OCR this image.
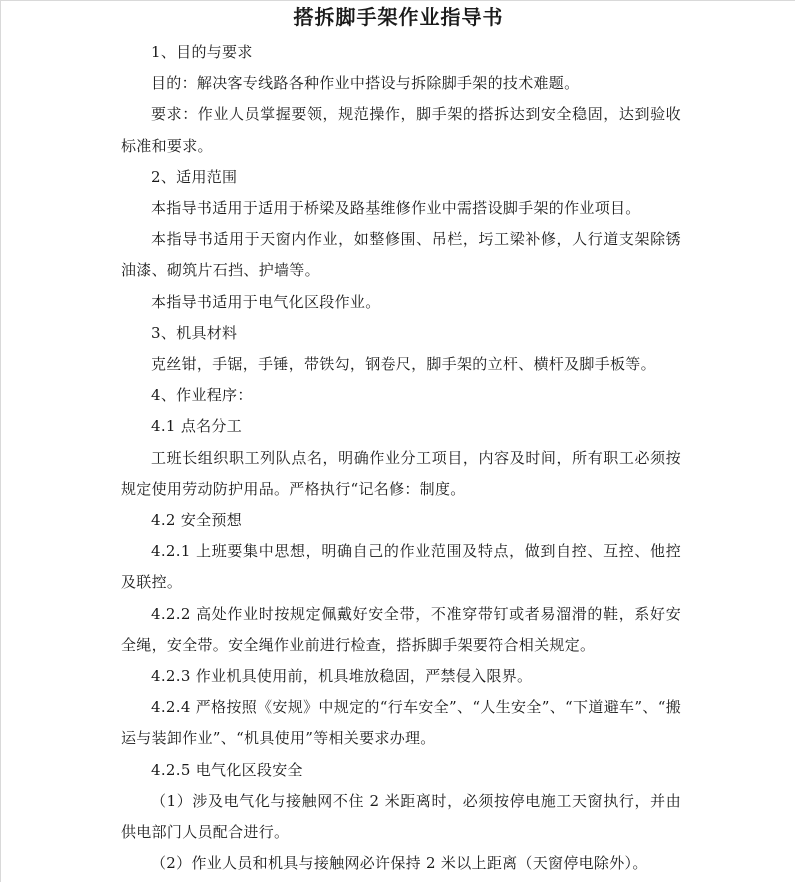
搭拆脚手架作业指导书

1、目的与要求

目的：解决客专线路各种作业中搭设与拆除脚手架的技术难题。

要求：作业人员掌握要领，规范操作，脚手架的搭拆达到安全稳固，达到验收标准和要求。

2、适用范围

本指导书适用于适用于桥梁及路基维修作业中需搭设脚手架的作业项目。

本指导书适用于天窗内作业，如整修围、吊栏，圬工梁补修，人行道支架除锈油漆、砌筑片石挡、护墙等。

本指导书适用于电气化区段作业。

3、机具材料

克丝钳，手锯，手锤，带铁勾，钢卷尺，脚手架的立杆、横杆及脚手板等。

4、作业程序：

4.1 点名分工

工班长组织职工列队点名，明确作业分工项目，内容及时间，所有职工必须按规定使用劳动防护用品。严格执行“记名修：制度。

4.2 安全预想

4.2.1 上班要集中思想，明确自己的作业范围及特点，做到自控、互控、他控及联控。

4.2.2 高处作业时按规定佩戴好安全带，不准穿带钉或者易溜滑的鞋，系好安全绳，安全带。安全绳作业前进行检查，搭拆脚手架要符合相关规定。

4.2.3 作业机具使用前，机具堆放稳固，严禁侵入限界。

4.2.4 严格按照《安规》中规定的“行车安全”、“人生安全”、“下道避车”、“搬运与装卸作业”、“机具使用”等相关要求办理。

4.2.5 电气化区段安全

（1）涉及电气化与接触网不住 2 米距离时，必须按停电施工天窗执行，并由供电部门人员配合进行。

（2）作业人员和机具与接触网必许保持 2 米以上距离（天窗停电除外）。
